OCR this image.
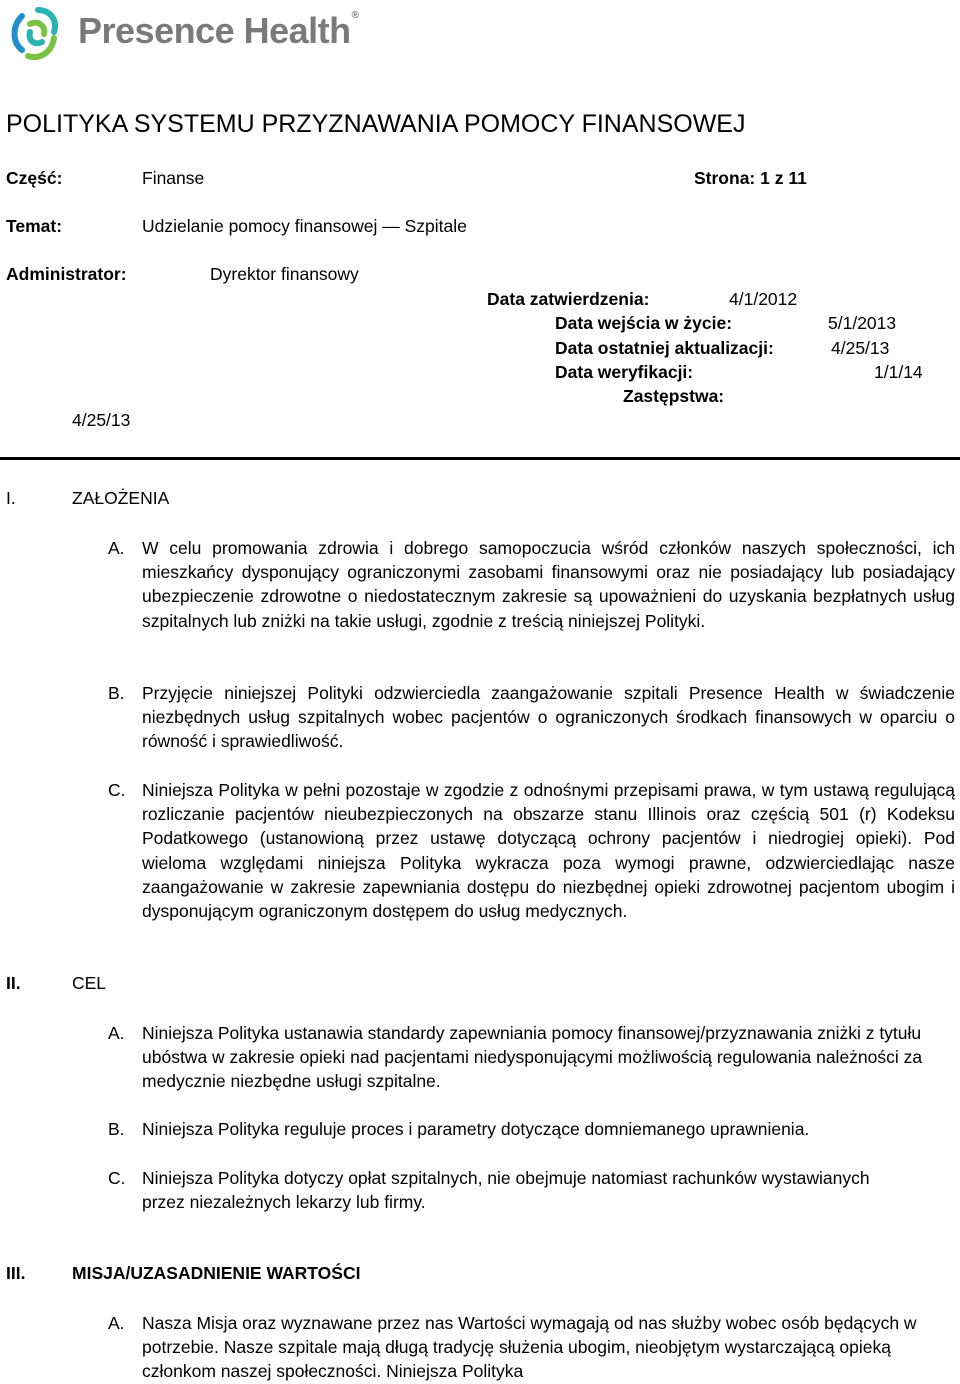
Presence Health®
POLITYKA SYSTEMU PRZYZNAWANIA POMOCY FINANSOWEJ
Część:	Finanse	Strona: 1 z 11
Temat:	Udzielanie pomocy finansowej — Szpitale
Administrator:	Dyrektor finansowy
Data zatwierdzenia:	4/1/2012
Data wejścia w życie:	5/1/2013
Data ostatniej aktualizacji:	4/25/13
Data weryfikacji:	1/1/14
Zastępstwa:
4/25/13
I.	ZAŁOŻENIA
A. W celu promowania zdrowia i dobrego samopoczucia wśród członków naszych społeczności, ich mieszkańcy dysponujący ograniczonymi zasobami finansowymi oraz nie posiadający lub posiadający ubezpieczenie zdrowotne o niedostatecznym zakresie są upoważnieni do uzyskania bezpłatnych usług szpitalnych lub zniżki na takie usługi, zgodnie z treścią niniejszej Polityki.
B. Przyjęcie niniejszej Polityki odzwierciedla zaangażowanie szpitali Presence Health w świadczenie niezbędnych usług szpitalnych wobec pacjentów o ograniczonych środkach finansowych w oparciu o równość i sprawiedliwość.
C. Niniejsza Polityka w pełni pozostaje w zgodzie z odnośnymi przepisami prawa, w tym ustawą regulującą rozliczanie pacjentów nieubezpieczonych na obszarze stanu Illinois oraz częścią 501 (r) Kodeksu Podatkowego (ustanowioną przez ustawę dotyczącą ochrony pacjentów i niedrogiej opieki). Pod wieloma względami niniejsza Polityka wykracza poza wymogi prawne, odzwierciedlając nasze zaangażowanie w zakresie zapewniania dostępu do niezbędnej opieki zdrowotnej pacjentom ubogim i dysponującym ograniczonym dostępem do usług medycznych.
II.	CEL
A. Niniejsza Polityka ustanawia standardy zapewniania pomocy finansowej/przyznawania zniżki z tytułu ubóstwa w zakresie opieki nad pacjentami niedysponującymi możliwością regulowania należności za medycznie niezbędne usługi szpitalne.
B. Niniejsza Polityka reguluje proces i parametry dotyczące domniemanego uprawnienia.
C. Niniejsza Polityka dotyczy opłat szpitalnych, nie obejmuje natomiast rachunków wystawianych przez niezależnych lekarzy lub firmy.
III.	MISJA/UZASADNIENIE WARTOŚCI
A. Nasza Misja oraz wyznawane przez nas Wartości wymagają od nas służby wobec osób będących w potrzebie. Nasze szpitale mają długą tradycję służenia ubogim, nieobjętym wystarczającą opieką członkom naszej społeczności. Niniejsza Polityka
